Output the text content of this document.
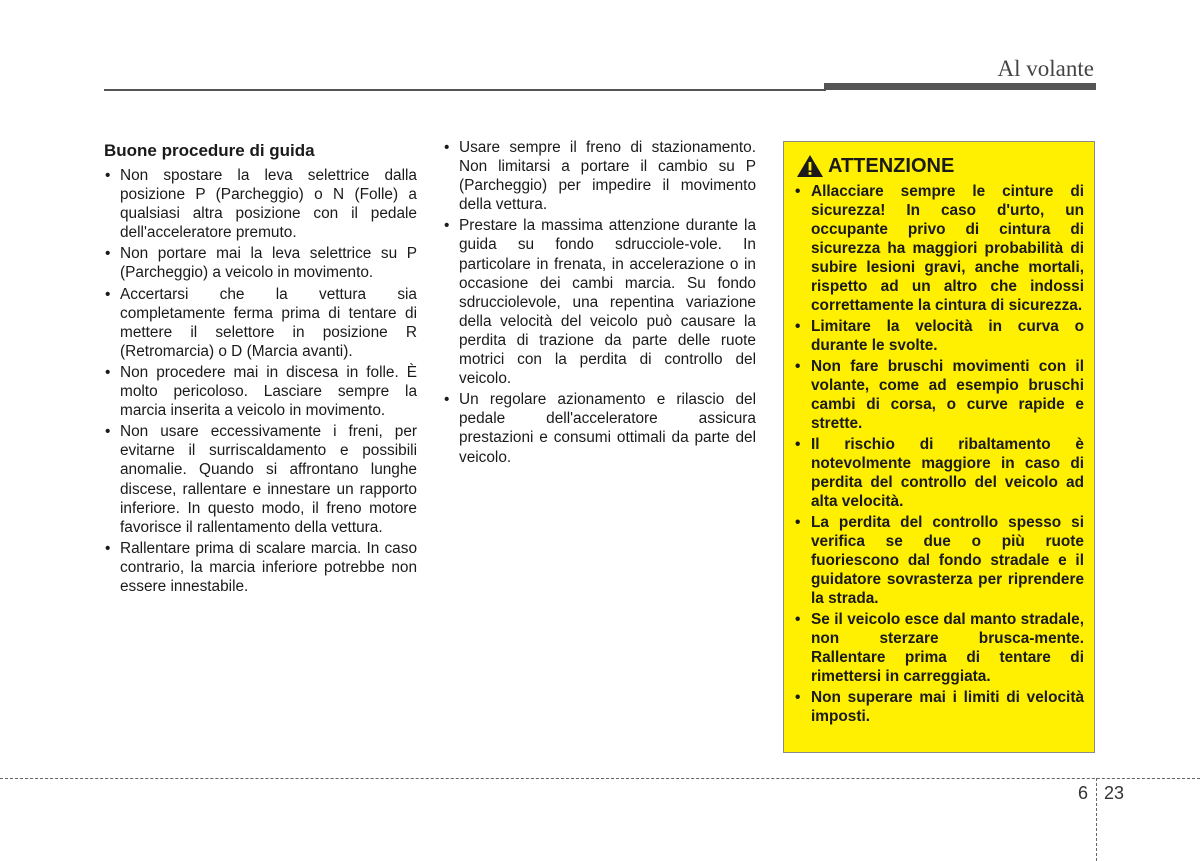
Al volante
Buone procedure di guida
• Non spostare la leva selettrice dalla posizione P (Parcheggio) o N (Folle) a qualsiasi altra posizione con il pedale dell'acceleratore premuto.
• Non portare mai la leva selettrice su P (Parcheggio) a veicolo in movimento.
• Accertarsi che la vettura sia completamente ferma prima di tentare di mettere il selettore in posizione R (Retromarcia) o D (Marcia avanti).
• Non procedere mai in discesa in folle. È molto pericoloso. Lasciare sempre la marcia inserita a veicolo in movimento.
• Non usare eccessivamente i freni, per evitarne il surriscaldamento e possibili anomalie. Quando si affrontano lunghe discese, rallentare e innestare un rapporto inferiore. In questo modo, il freno motore favorisce il rallentamento della vettura.
• Rallentare prima di scalare marcia. In caso contrario, la marcia inferiore potrebbe non essere innestabile.
• Usare sempre il freno di stazionamento. Non limitarsi a portare il cambio su P (Parcheggio) per impedire il movimento della vettura.
• Prestare la massima attenzione durante la guida su fondo sdrucciole-vole. In particolare in frenata, in accelerazione o in occasione dei cambi marcia. Su fondo sdrucciolevole, una repentina variazione della velocità del veicolo può causare la perdita di trazione da parte delle ruote motrici con la perdita di controllo del veicolo.
• Un regolare azionamento e rilascio del pedale dell'acceleratore assicura prestazioni e consumi ottimali da parte del veicolo.
ATTENZIONE
• Allacciare sempre le cinture di sicurezza! In caso d'urto, un occupante privo di cintura di sicurezza ha maggiori probabilità di subire lesioni gravi, anche mortali, rispetto ad un altro che indossi correttamente la cintura di sicurezza.
• Limitare la velocità in curva o durante le svolte.
• Non fare bruschi movimenti con il volante, come ad esempio bruschi cambi di corsa, o curve rapide e strette.
• Il rischio di ribaltamento è notevolmente maggiore in caso di perdita del controllo del veicolo ad alta velocità.
• La perdita del controllo spesso si verifica se due o più ruote fuoriescono dal fondo stradale e il guidatore sovrasterza per riprendere la strada.
• Se il veicolo esce dal manto stradale, non sterzare brusca-mente. Rallentare prima di tentare di rimettersi in carreggiata.
• Non superare mai i limiti di velocità imposti.
6 23
